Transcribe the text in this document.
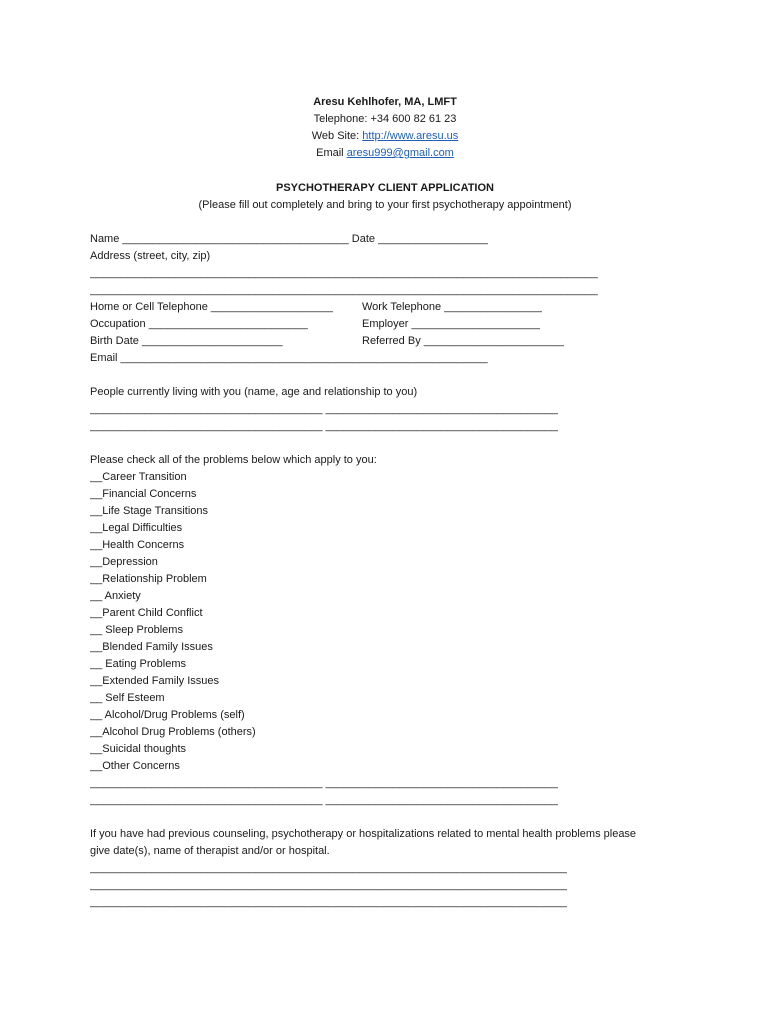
Aresu Kehlhofer, MA, LMFT
Telephone: +34 600 82 61 23
Web Site: http://www.aresu.us
Email aresu999@gmail.com
PSYCHOTHERAPY CLIENT APPLICATION
(Please fill out completely and bring to your first psychotherapy appointment)
Name _____________________________________ Date __________________
Address (street, city, zip)
___________________________________________________________________________________
___________________________________________________________________________________
Home or Cell Telephone ____________________	Work Telephone ________________
Occupation __________________________	Employer _____________________
Birth Date _______________________	Referred By _______________________
Email ____________________________________________________________
People currently living with you (name, age and relationship to you)
______________________________________ ______________________________________
______________________________________ ______________________________________
Please check all of the problems below which apply to you:
__Career Transition
__Financial Concerns
__Life Stage Transitions
__Legal Difficulties
__Health Concerns
__Depression
__Relationship Problem
__ Anxiety
__Parent Child Conflict
__ Sleep Problems
__Blended Family Issues
__ Eating Problems
__Extended Family Issues
__ Self Esteem
__ Alcohol/Drug Problems (self)
__Alcohol Drug Problems (others)
__Suicidal thoughts
__Other Concerns
______________________________________ ______________________________________
______________________________________ ______________________________________
If you have had previous counseling, psychotherapy or hospitalizations related to mental health problems please
give date(s), name of therapist and/or or hospital.
______________________________________________________________________________
______________________________________________________________________________
______________________________________________________________________________
